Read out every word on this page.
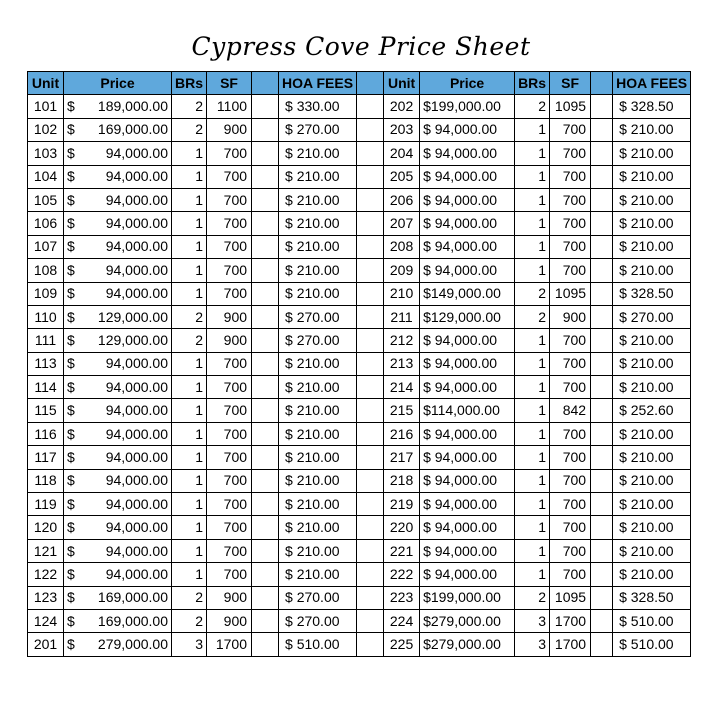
Cypress Cove Price Sheet
Unit	Price	BRs	SF		HOA FEES		Unit	Price	BRs	SF		HOA FEES
101	$ 189,000.00	2	1100		$ 330.00		202	$199,000.00	2	1095		$ 328.50
102	$ 169,000.00	2	900		$ 270.00		203	$ 94,000.00	1	700		$ 210.00
103	$ 94,000.00	1	700		$ 210.00		204	$ 94,000.00	1	700		$ 210.00
104	$ 94,000.00	1	700		$ 210.00		205	$ 94,000.00	1	700		$ 210.00
105	$ 94,000.00	1	700		$ 210.00		206	$ 94,000.00	1	700		$ 210.00
106	$ 94,000.00	1	700		$ 210.00		207	$ 94,000.00	1	700		$ 210.00
107	$ 94,000.00	1	700		$ 210.00		208	$ 94,000.00	1	700		$ 210.00
108	$ 94,000.00	1	700		$ 210.00		209	$ 94,000.00	1	700		$ 210.00
109	$ 94,000.00	1	700		$ 210.00		210	$149,000.00	2	1095		$ 328.50
110	$ 129,000.00	2	900		$ 270.00		211	$129,000.00	2	900		$ 270.00
111	$ 129,000.00	2	900		$ 270.00		212	$ 94,000.00	1	700		$ 210.00
113	$ 94,000.00	1	700		$ 210.00		213	$ 94,000.00	1	700		$ 210.00
114	$ 94,000.00	1	700		$ 210.00		214	$ 94,000.00	1	700		$ 210.00
115	$ 94,000.00	1	700		$ 210.00		215	$114,000.00	1	842		$ 252.60
116	$ 94,000.00	1	700		$ 210.00		216	$ 94,000.00	1	700		$ 210.00
117	$ 94,000.00	1	700		$ 210.00		217	$ 94,000.00	1	700		$ 210.00
118	$ 94,000.00	1	700		$ 210.00		218	$ 94,000.00	1	700		$ 210.00
119	$ 94,000.00	1	700		$ 210.00		219	$ 94,000.00	1	700		$ 210.00
120	$ 94,000.00	1	700		$ 210.00		220	$ 94,000.00	1	700		$ 210.00
121	$ 94,000.00	1	700		$ 210.00		221	$ 94,000.00	1	700		$ 210.00
122	$ 94,000.00	1	700		$ 210.00		222	$ 94,000.00	1	700		$ 210.00
123	$ 169,000.00	2	900		$ 270.00		223	$199,000.00	2	1095		$ 328.50
124	$ 169,000.00	2	900		$ 270.00		224	$279,000.00	3	1700		$ 510.00
201	$ 279,000.00	3	1700		$ 510.00		225	$279,000.00	3	1700		$ 510.00
